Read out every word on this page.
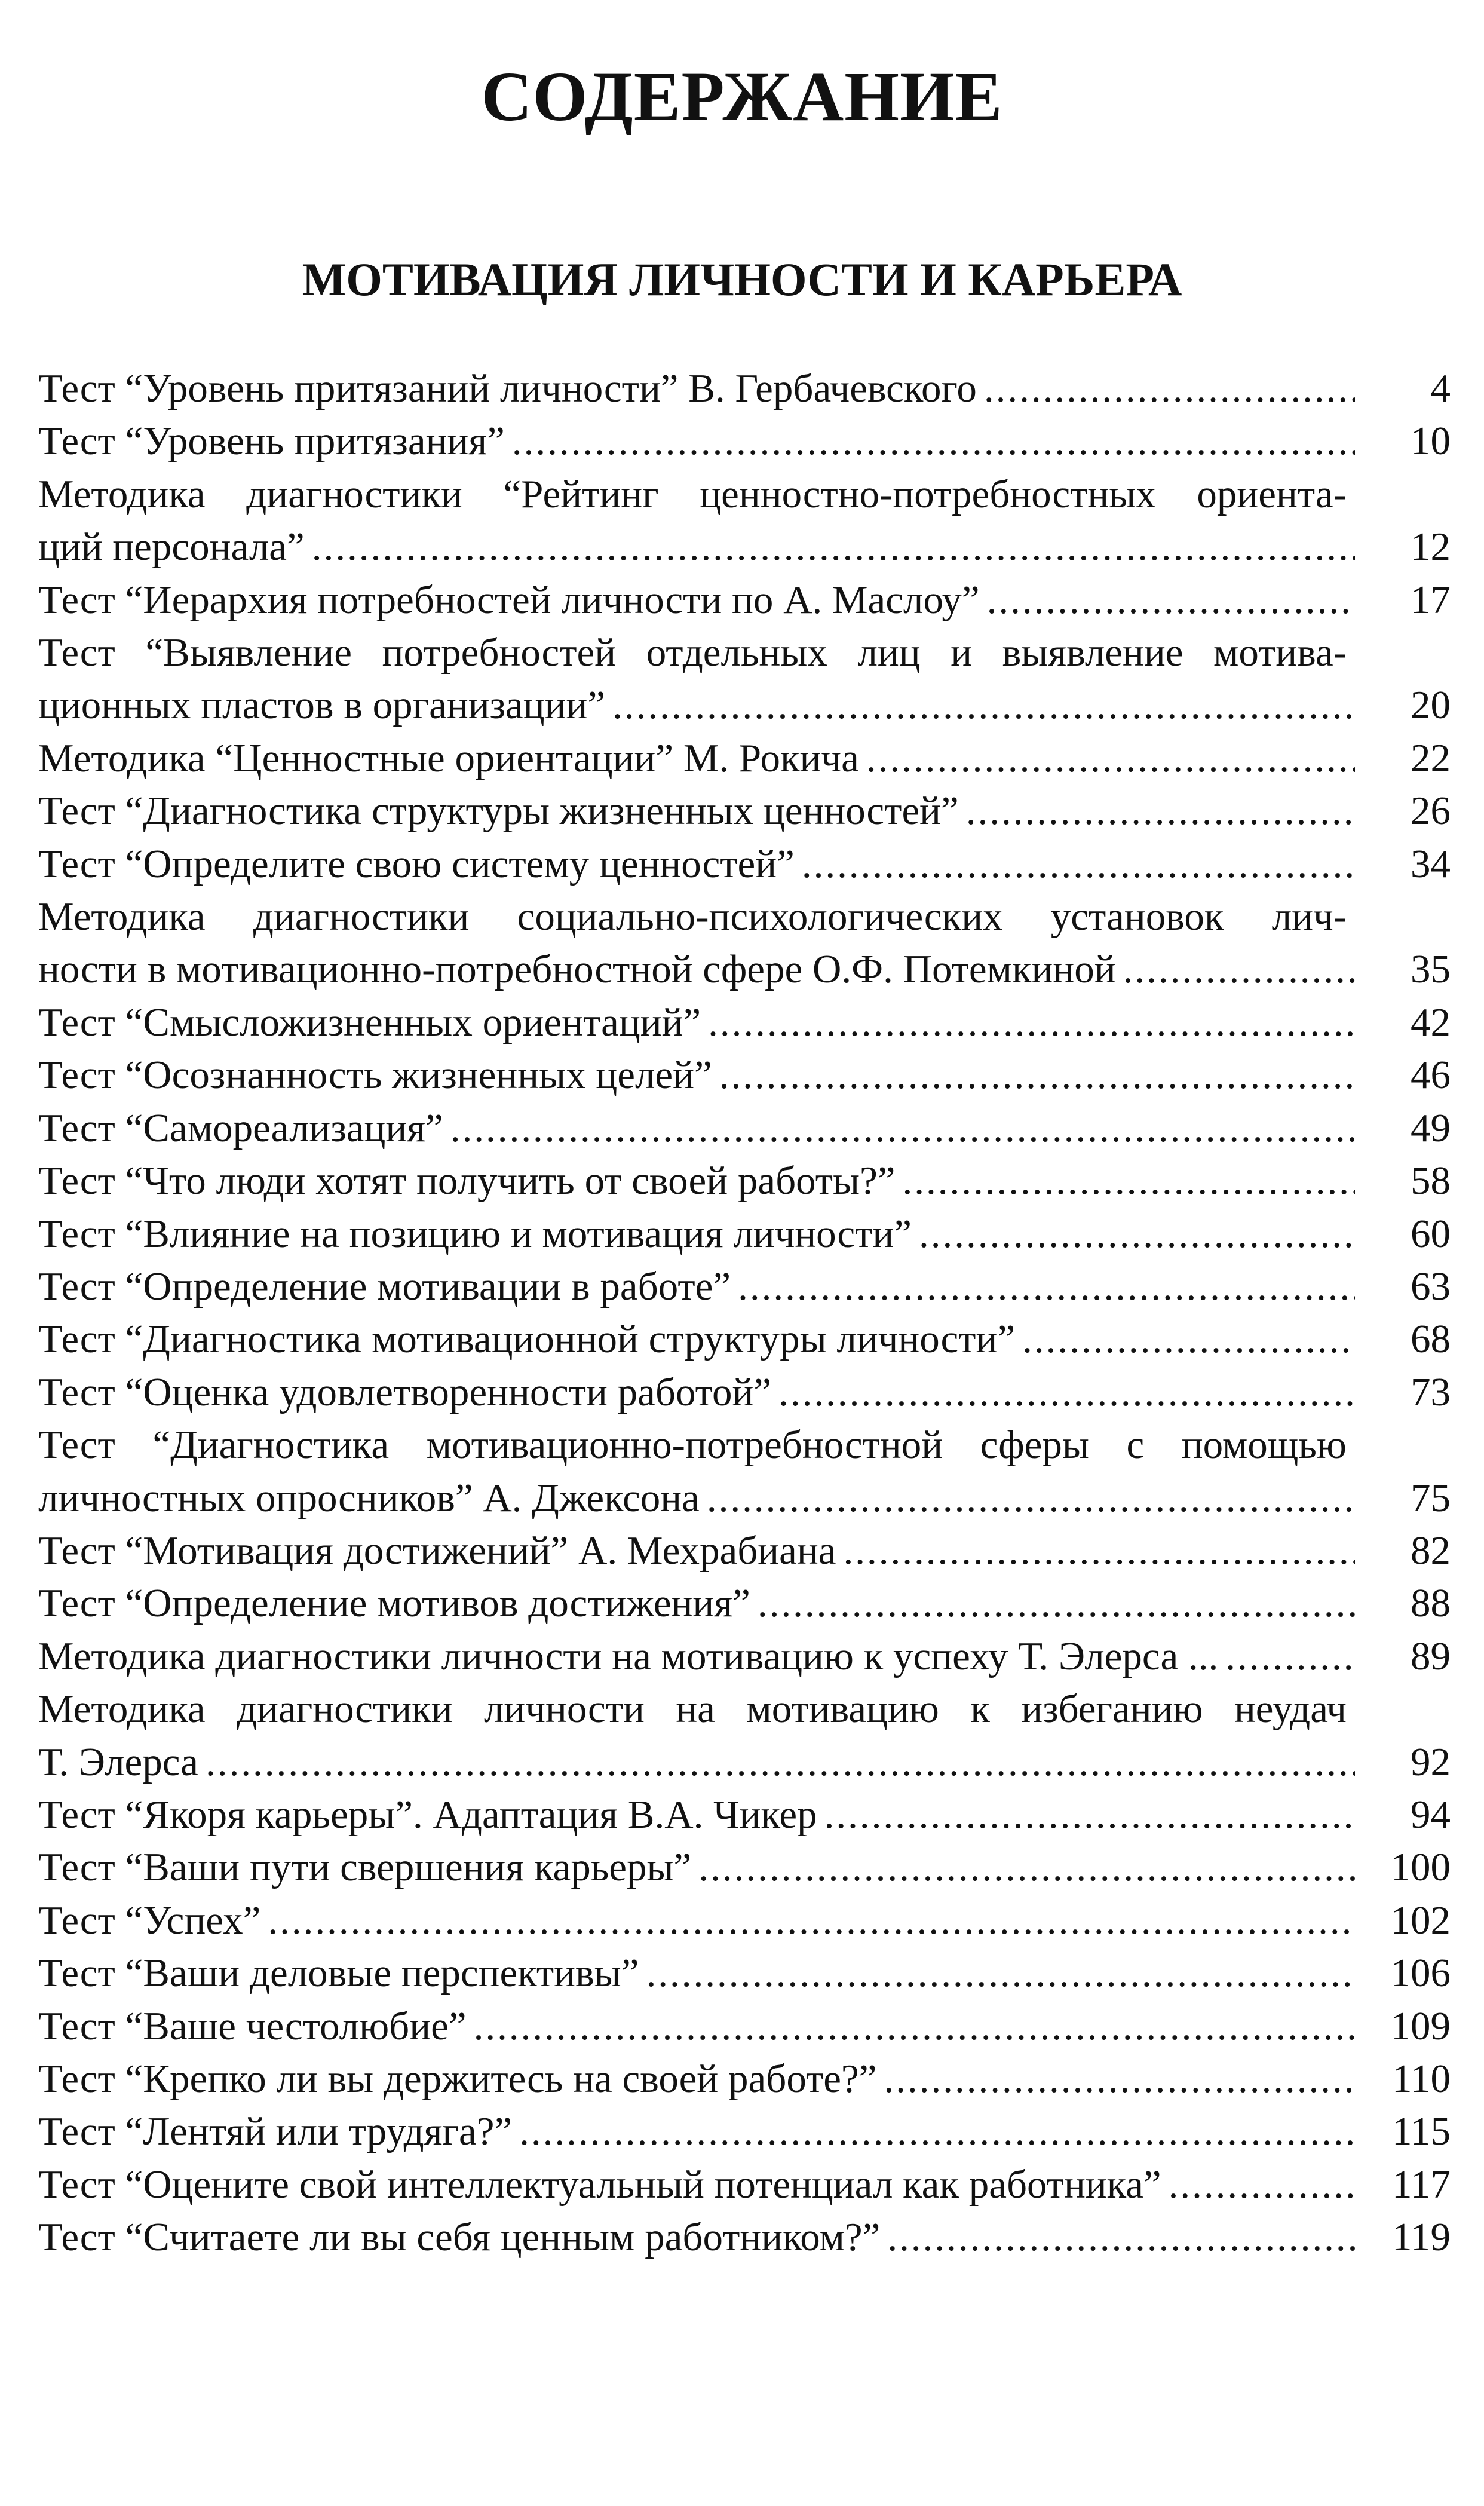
СОДЕРЖАНИЕ
МОТИВАЦИЯ ЛИЧНОСТИ И КАРЬЕРА
Тест “Уровень притязаний личности” В. Гербачевского .....	4
Тест “Уровень притязания” .....	10
Методика диагностики “Рейтинг ценностно-потребностных ориента-
ций персонала” .....	12
Тест “Иерархия потребностей личности по А. Маслоу” .....	17
Тест “Выявление потребностей отдельных лиц и выявление мотива-
ционных пластов в организации” .....	20
Методика “Ценностные ориентации” М. Рокича .....	22
Тест “Диагностика структуры жизненных ценностей” .....	26
Тест “Определите свою систему ценностей” .....	34
Методика диагностики социально-психологических установок лич-
ности в мотивационно-потребностной сфере О.Ф. Потемкиной .....	35
Тест “Смысложизненных ориентаций” .....	42
Тест “Осознанность жизненных целей” .....	46
Тест “Самореализация” .....	49
Тест “Что люди хотят получить от своей работы?” .....	58
Тест “Влияние на позицию и мотивация личности” .....	60
Тест “Определение мотивации в работе” .....	63
Тест “Диагностика мотивационной структуры личности” .....	68
Тест “Оценка удовлетворенности работой” .....	73
Тест “Диагностика мотивационно-потребностной сферы с помощью
личностных опросников” А. Джексона .....	75
Тест “Мотивация достижений” А. Мехрабиана .....	82
Тест “Определение мотивов достижения” .....	88
Методика диагностики личности на мотивацию к успеху Т. Элерса ... .....	89
Методика диагностики личности на мотивацию к избеганию неудач
Т. Элерса .....	92
Тест “Якоря карьеры”. Адаптация В.А. Чикер .....	94
Тест “Ваши пути свершения карьеры” .....	100
Тест “Успех” .....	102
Тест “Ваши деловые перспективы” .....	106
Тест “Ваше честолюбие” .....	109
Тест “Крепко ли вы держитесь на своей работе?” .....	110
Тест “Лентяй или трудяга?” .....	115
Тест “Оцените свой интеллектуальный потенциал как работника” .....	117
Тест “Считаете ли вы себя ценным работником?” .....	119
